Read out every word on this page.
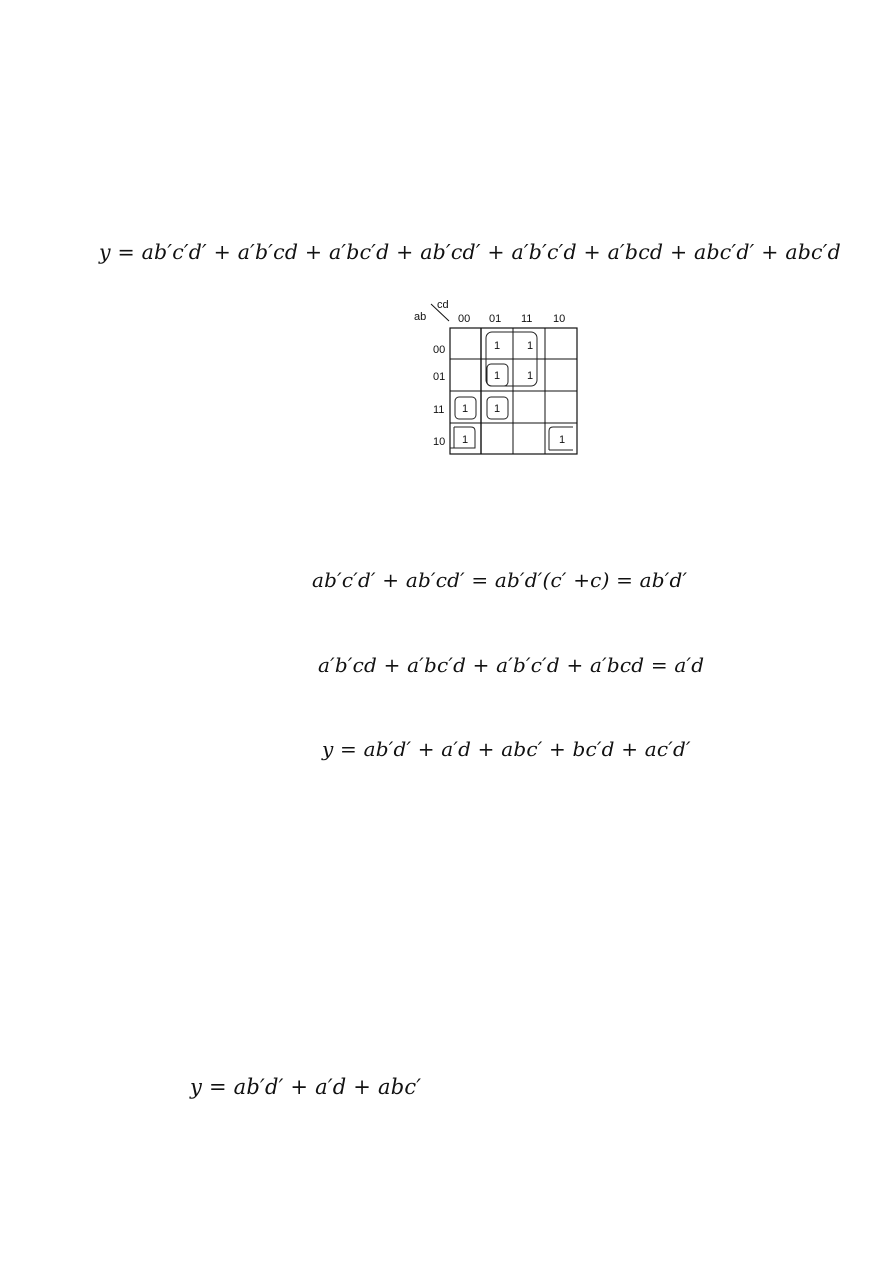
y = ab′c′d′ + a′b′cd + a′bc′d + ab′cd′ + a′b′c′d + a′bcd + abc′d′ + abc′d
cd
ab	00 01 11 10
00
01
11
10
1 1
1 1
1 1
1	1
ab′c′d′ + ab′cd′ = ab′d′(c′ +c) = ab′d′
a′b′cd + a′bc′d + a′b′c′d + a′bcd = a′d
y = ab′d′ + a′d + abc′ + bc′d + ac′d′
y = ab′d′ + a′d + abc′
